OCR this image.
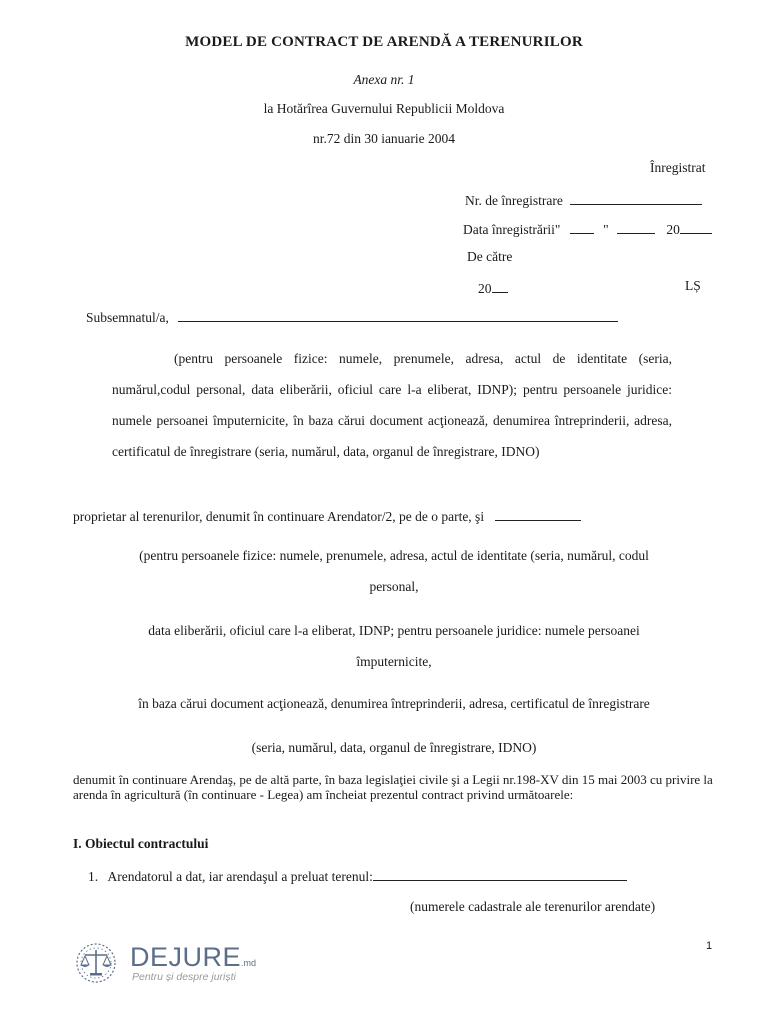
MODEL DE CONTRACT DE ARENDĂ A TERENURILOR
Anexa nr. 1
la Hotărîrea Guvernului Republicii Moldova
nr.72 din 30 ianuarie 2004
Înregistrat
Nr. de înregistrare
Data înregistrării"	"	20
De către
20	LȘ
Subsemnatul/a,
(pentru persoanele fizice: numele, prenumele, adresa, actul de identitate (seria, numărul,codul personal, data eliberării, oficiul care l-a eliberat, IDNP); pentru persoanele juridice: numele persoanei împuternicite, în baza cărui document acţionează, denumirea întreprinderii, adresa, certificatul de înregistrare (seria, numărul, data, organul de înregistrare, IDNO)
proprietar al terenurilor, denumit în continuare Arendator/2, pe de o parte, şi
(pentru persoanele fizice: numele, prenumele, adresa, actul de identitate (seria, numărul, codul
personal,
data eliberării, oficiul care l-a eliberat, IDNP; pentru persoanele juridice: numele persoanei
împuternicite,
în baza cărui document acţionează, denumirea întreprinderii, adresa, certificatul de înregistrare
(seria, numărul, data, organul de înregistrare, IDNO)
denumit în continuare Arendaş, pe de altă parte, în baza legislaţiei civile şi a Legii nr.198-XV din 15 mai 2003 cu privire la arenda în agricultură (în continuare - Legea) am încheiat prezentul contract privind următoarele:
I. Obiectul contractului
1. Arendatorul a dat, iar arendaşul a preluat terenul:
(numerele cadastrale ale terenurilor arendate)
DEJURE.md
Pentru și despre juriști
1
